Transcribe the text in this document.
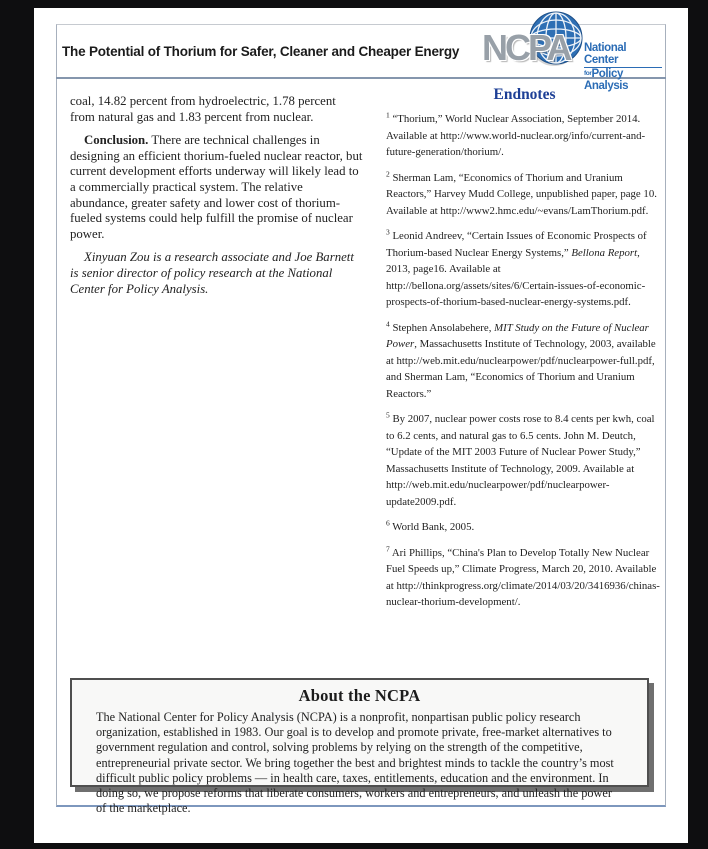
The Potential of Thorium for Safer, Cleaner and Cheaper Energy NCPA National Center
$^{for}$Policy Analysis

coal, 14.82 percent from hydroelectric, 1.78 percent from natural gas and 1.83 percent from nuclear.

Conclusion. There are technical challenges in designing an efficient thorium-fueled nuclear reactor, but current development efforts underway will likely lead to a commercially practical system. The relative abundance, greater safety and lower cost of thorium-fueled systems could help fulfill the promise of nuclear power.

Xinyuan Zou is a research associate and Joe Barnett is senior director of policy research at the National Center for Policy Analysis.

Endnotes

$^1$ “Thorium,” World Nuclear Association, September 2014. Available at http://www.world-nuclear.org/info/current-and-future-generation/thorium/.

$^2$ Sherman Lam, “Economics of Thorium and Uranium Reactors,” Harvey Mudd College, unpublished paper, page 10. Available at http://www2.hmc.edu/~evans/LamThorium.pdf.

$^3$ Leonid Andreev, “Certain Issues of Economic Prospects of Thorium-based Nuclear Energy Systems,” Bellona Report, 2013, page16. Available at http://bellona.org/assets/sites/6/Certain-issues-of-economic-prospects-of-thorium-based-nuclear-energy-systems.pdf.

$^4$ Stephen Ansolabehere, MIT Study on the Future of Nuclear Power, Massachusetts Institute of Technology, 2003, available at http://web.mit.edu/nuclearpower/pdf/nuclearpower-full.pdf, and Sherman Lam, “Economics of Thorium and Uranium Reactors.”

$^5$ By 2007, nuclear power costs rose to 8.4 cents per kwh, coal to 6.2 cents, and natural gas to 6.5 cents. John M. Deutch, “Update of the MIT 2003 Future of Nuclear Power Study,” Massachusetts Institute of Technology, 2009. Available at http://web.mit.edu/nuclearpower/pdf/nuclearpower-update2009.pdf.

$^6$ World Bank, 2005.

$^7$ Ari Phillips, “China's Plan to Develop Totally New Nuclear Fuel Speeds up,” Climate Progress, March 20, 2010. Available at http://thinkprogress.org/climate/2014/03/20/3416936/chinas-nuclear-thorium-development/.

About the NCPA

The National Center for Policy Analysis (NCPA) is a nonprofit, nonpartisan public policy research organization, established in 1983. Our goal is to develop and promote private, free-market alternatives to government regulation and control, solving problems by relying on the strength of the competitive, entrepreneurial private sector. We bring together the best and brightest minds to tackle the country’s most difficult public policy problems — in health care, taxes, entitlements, education and the environment. In doing so, we propose reforms that liberate consumers, workers and entrepreneurs, and unleash the power of the marketplace.
